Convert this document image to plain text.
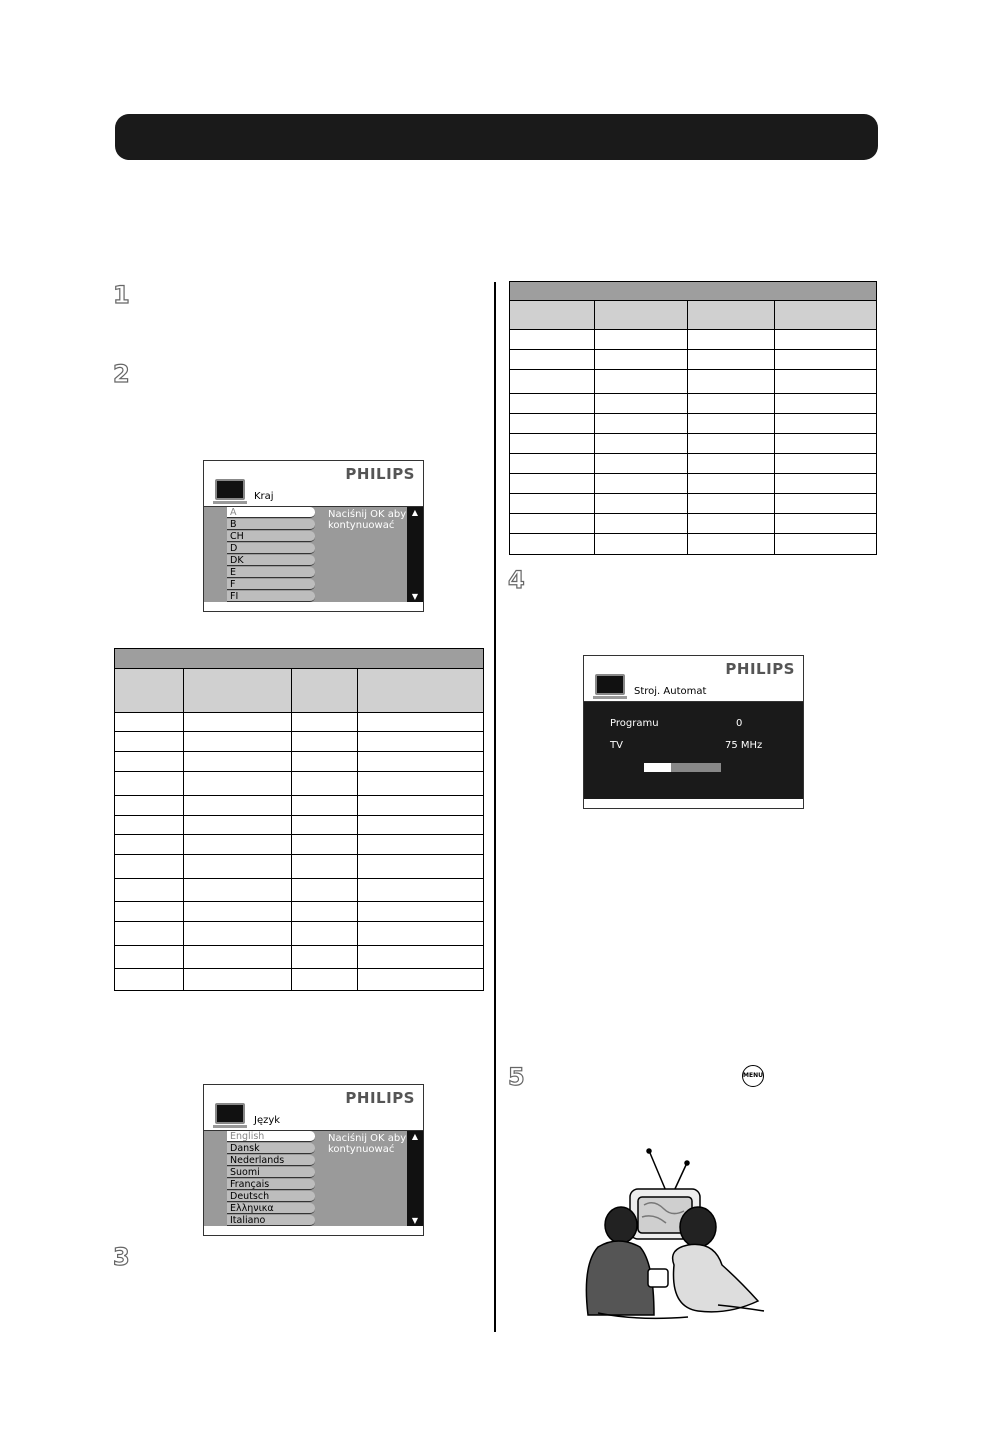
1
2
3
4
5
PHILIPS
Kraj
A
B
CH
D
DK
E
F
FI
Naciśnij OK aby kontynuować
▲
▼

PHILIPS
Język
English
Dansk
Nederlands
Suomi
Français
Deutsch
Ελληνικα
Italiano
Naciśnij OK aby kontynuować
▲
▼

PHILIPS
Stroj. Automat
Programu	0
TV	75 MHz
MENU
